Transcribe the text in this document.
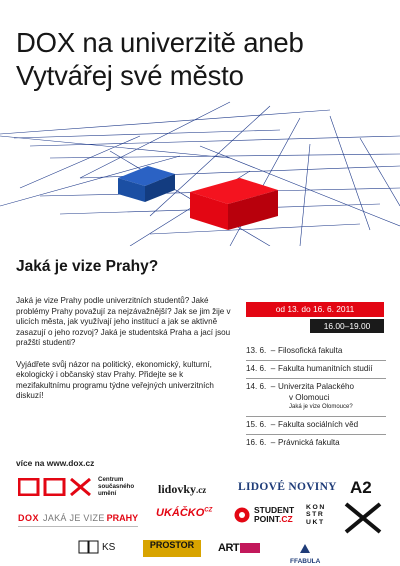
DOX na univerzitě aneb
Vytvářej své město
Jaká je vize Prahy?

Jaká je vize Prahy podle univerzitních studentů? Jaké problémy Prahy považují za nejzávažnější? Jak se jim žije v ulicích města, jak využívají jeho institucí a jak se aktivně zasazují o jeho rozvoj? Jaká je studentská Praha a jací jsou pražští studenti?

Vyjádřete svůj názor na politický, ekonomický, kulturní, ekologický i občanský stav Prahy. Přidejte se k mezifakultnímu programu týdne veřejných univerzitních diskuzí!

od 13. do 16. 6. 2011
16.00–19.00
13. 6. – Filosofická fakulta
14. 6. – Fakulta humanitních studií
14. 6. – Univerzita Palackého
v Olomouci
Jaká je vize Olomouce?
15. 6. – Fakulta sociálních věd
16. 6. – Právnická fakulta
více na www.dox.cz
Centrum
současného
umění	lidovky.cz	LIDOVÉ NOVINY A2
DOX JAKÁ JE VIZE PRAHY $UKÁČKO^{CZ}$	STUDENT
POINT.CZ
KON
STR
UKT
KS	PROSTOR	ART
FFABULA
